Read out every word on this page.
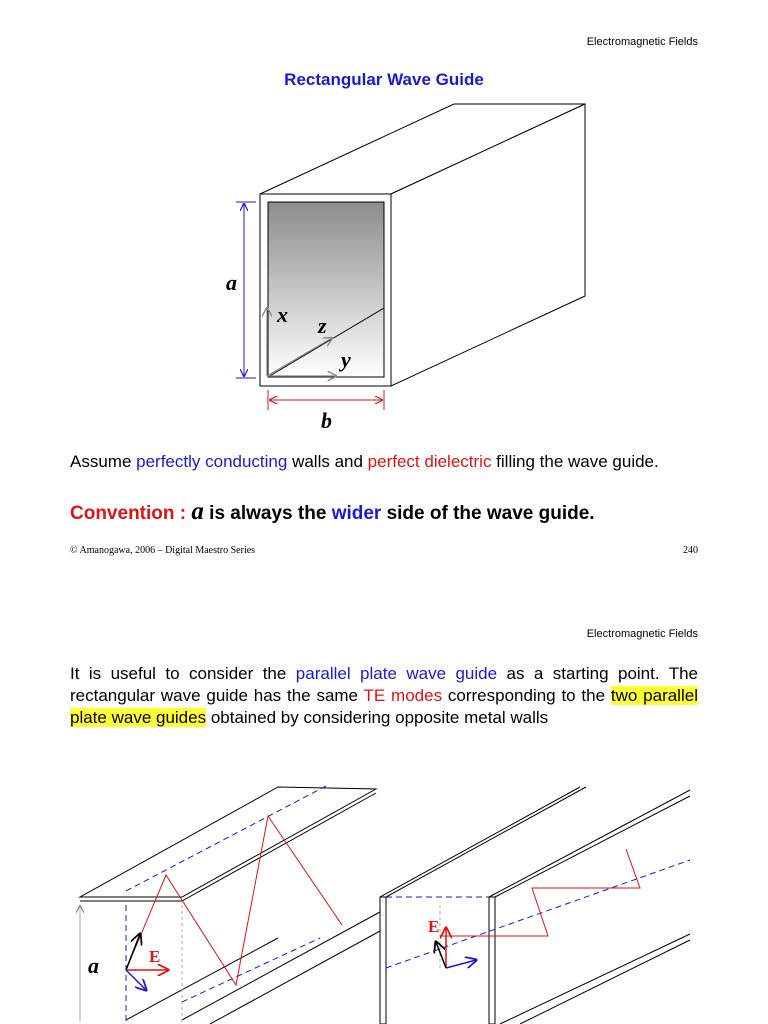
Electromagnetic Fields
Rectangular Wave Guide
a
x z
y
b
a	E
E
Assume perfectly conducting walls and perfect dielectric filling the wave guide.
Convention : a is always the wider side of the wave guide.
© Amanogawa, 2006 – Digital Maestro Series	240
Electromagnetic Fields
It is useful to consider the parallel plate wave guide as a starting point. The rectangular wave guide has the same TE modes corresponding to the two parallel plate wave guides obtained by considering opposite metal walls
